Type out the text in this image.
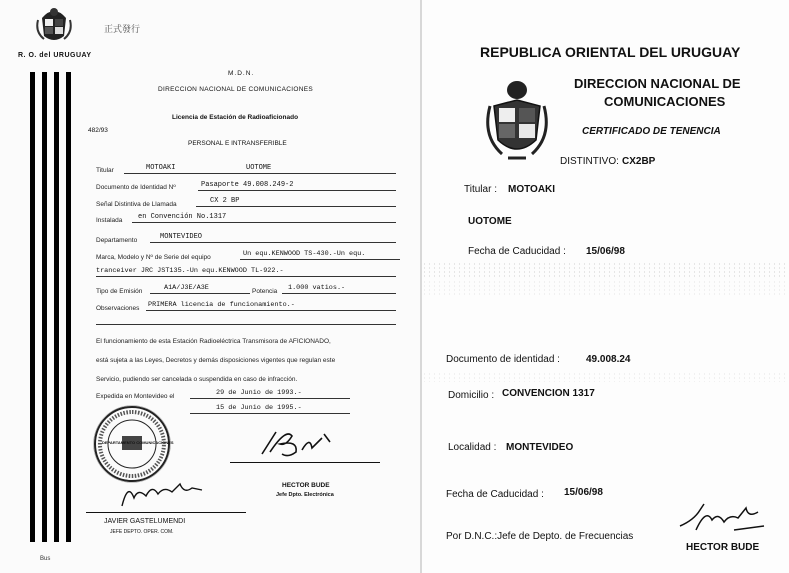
正式發行
R. O. del URUGUAY
M.D.N.
DIRECCION NACIONAL DE COMUNICACIONES
Licencia de Estación de Radioaficionado
482/93
PERSONAL E INTRANSFERIBLE
Titular	MOTOAKI	UOTOME
Documento de Identidad Nº	Pasaporte 49.008.249-2
Señal Distintiva de Llamada	CX 2 BP
Instalada en Convención No.1317
Departamento	MONTEVIDEO
Marca, Modelo y Nº de Serie del equipo	Un equ.KENWOOD TS-430.-Un equ.
tranceiver JRC JST135.-Un equ.KENWOOD TL-922.-
Tipo de Emisión	A1A/J3E/A3E	Potencia 1.000 vatios.-
Observaciones PRIMERA licencia de funcionamiento.-
El funcionamiento de esta Estación Radioeléctrica Transmisora de AFICIONADO,
está sujeta a las Leyes, Decretos y demás disposiciones vigentes que regulan este
Servicio, pudiendo ser cancelada o suspendida en caso de infracción.
Expedida en Montevideo el	29 de Junio de 1993.-
15 de Junio de 1995.-
DEPARTAMENTO COMUNICACIONES
HECTOR BUDE
Jefe Dpto. Electrónica
JAVIER GASTELUMENDI
JEFE DEPTO. OPER. COM.
Bus
REPUBLICA ORIENTAL DEL URUGUAY
DIRECCION NACIONAL DE
COMUNICACIONES
CERTIFICADO DE TENENCIA
DISTINTIVO: CX2BP
Titular : MOTOAKI
UOTOME
Fecha de Caducidad : 15/06/98
Documento de identidad :	49.008.24
Domicilio : CONVENCION 1317
Localidad : MONTEVIDEO
Fecha de Caducidad : 15/06/98
Por D.N.C.:Jefe de Depto. de Frecuencias
HECTOR BUDE
